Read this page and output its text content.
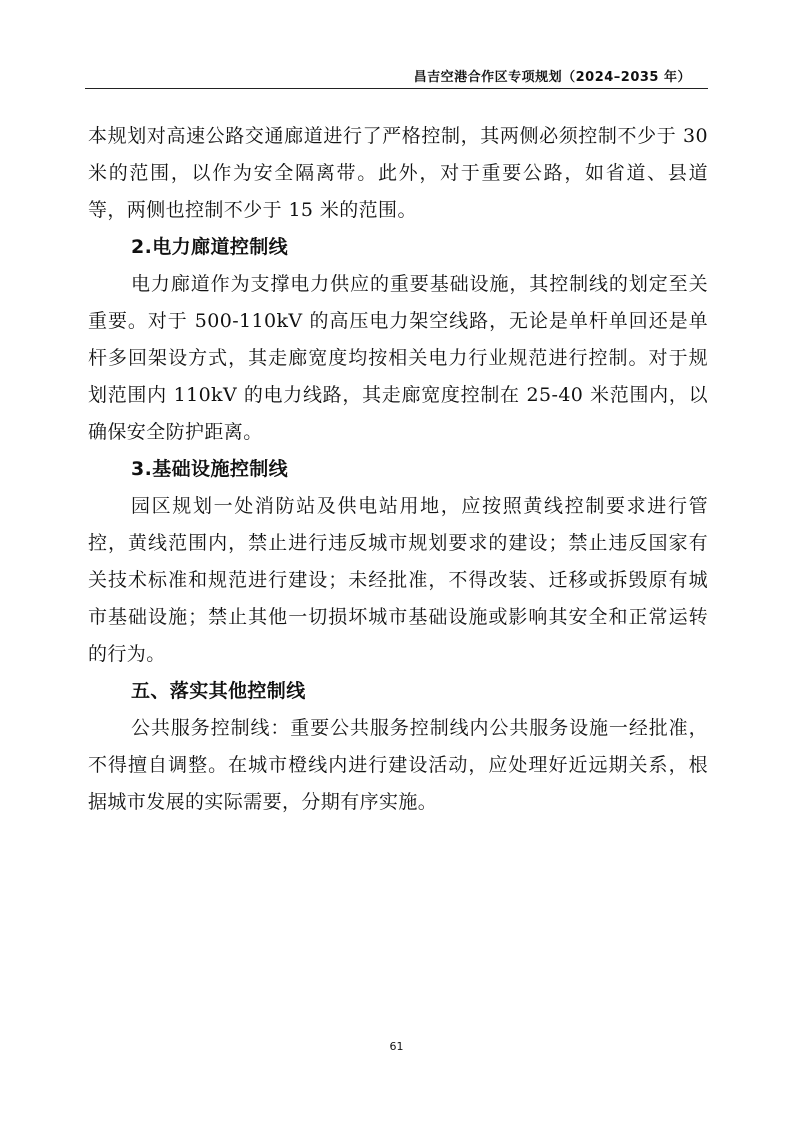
昌吉空港合作区专项规划（2024–2035 年）

本规划对高速公路交通廊道进行了严格控制，其两侧必须控制不少于 30 米的范围，以作为安全隔离带。此外，对于重要公路，如省道、县道等，两侧也控制不少于 15 米的范围。

2.电力廊道控制线

电力廊道作为支撑电力供应的重要基础设施，其控制线的划定至关重要。对于 500-110kV 的高压电力架空线路，无论是单杆单回还是单杆多回架设方式，其走廊宽度均按相关电力行业规范进行控制。对于规划范围内 110kV 的电力线路，其走廊宽度控制在 25-40 米范围内，以确保安全防护距离。

3.基础设施控制线

园区规划一处消防站及供电站用地，应按照黄线控制要求进行管控，黄线范围内，禁止进行违反城市规划要求的建设；禁止违反国家有关技术标准和规范进行建设；未经批准，不得改装、迁移或拆毁原有城市基础设施；禁止其他一切损坏城市基础设施或影响其安全和正常运转的行为。

五、落实其他控制线

公共服务控制线：重要公共服务控制线内公共服务设施一经批准，不得擅自调整。在城市橙线内进行建设活动，应处理好近远期关系，根据城市发展的实际需要，分期有序实施。

61
